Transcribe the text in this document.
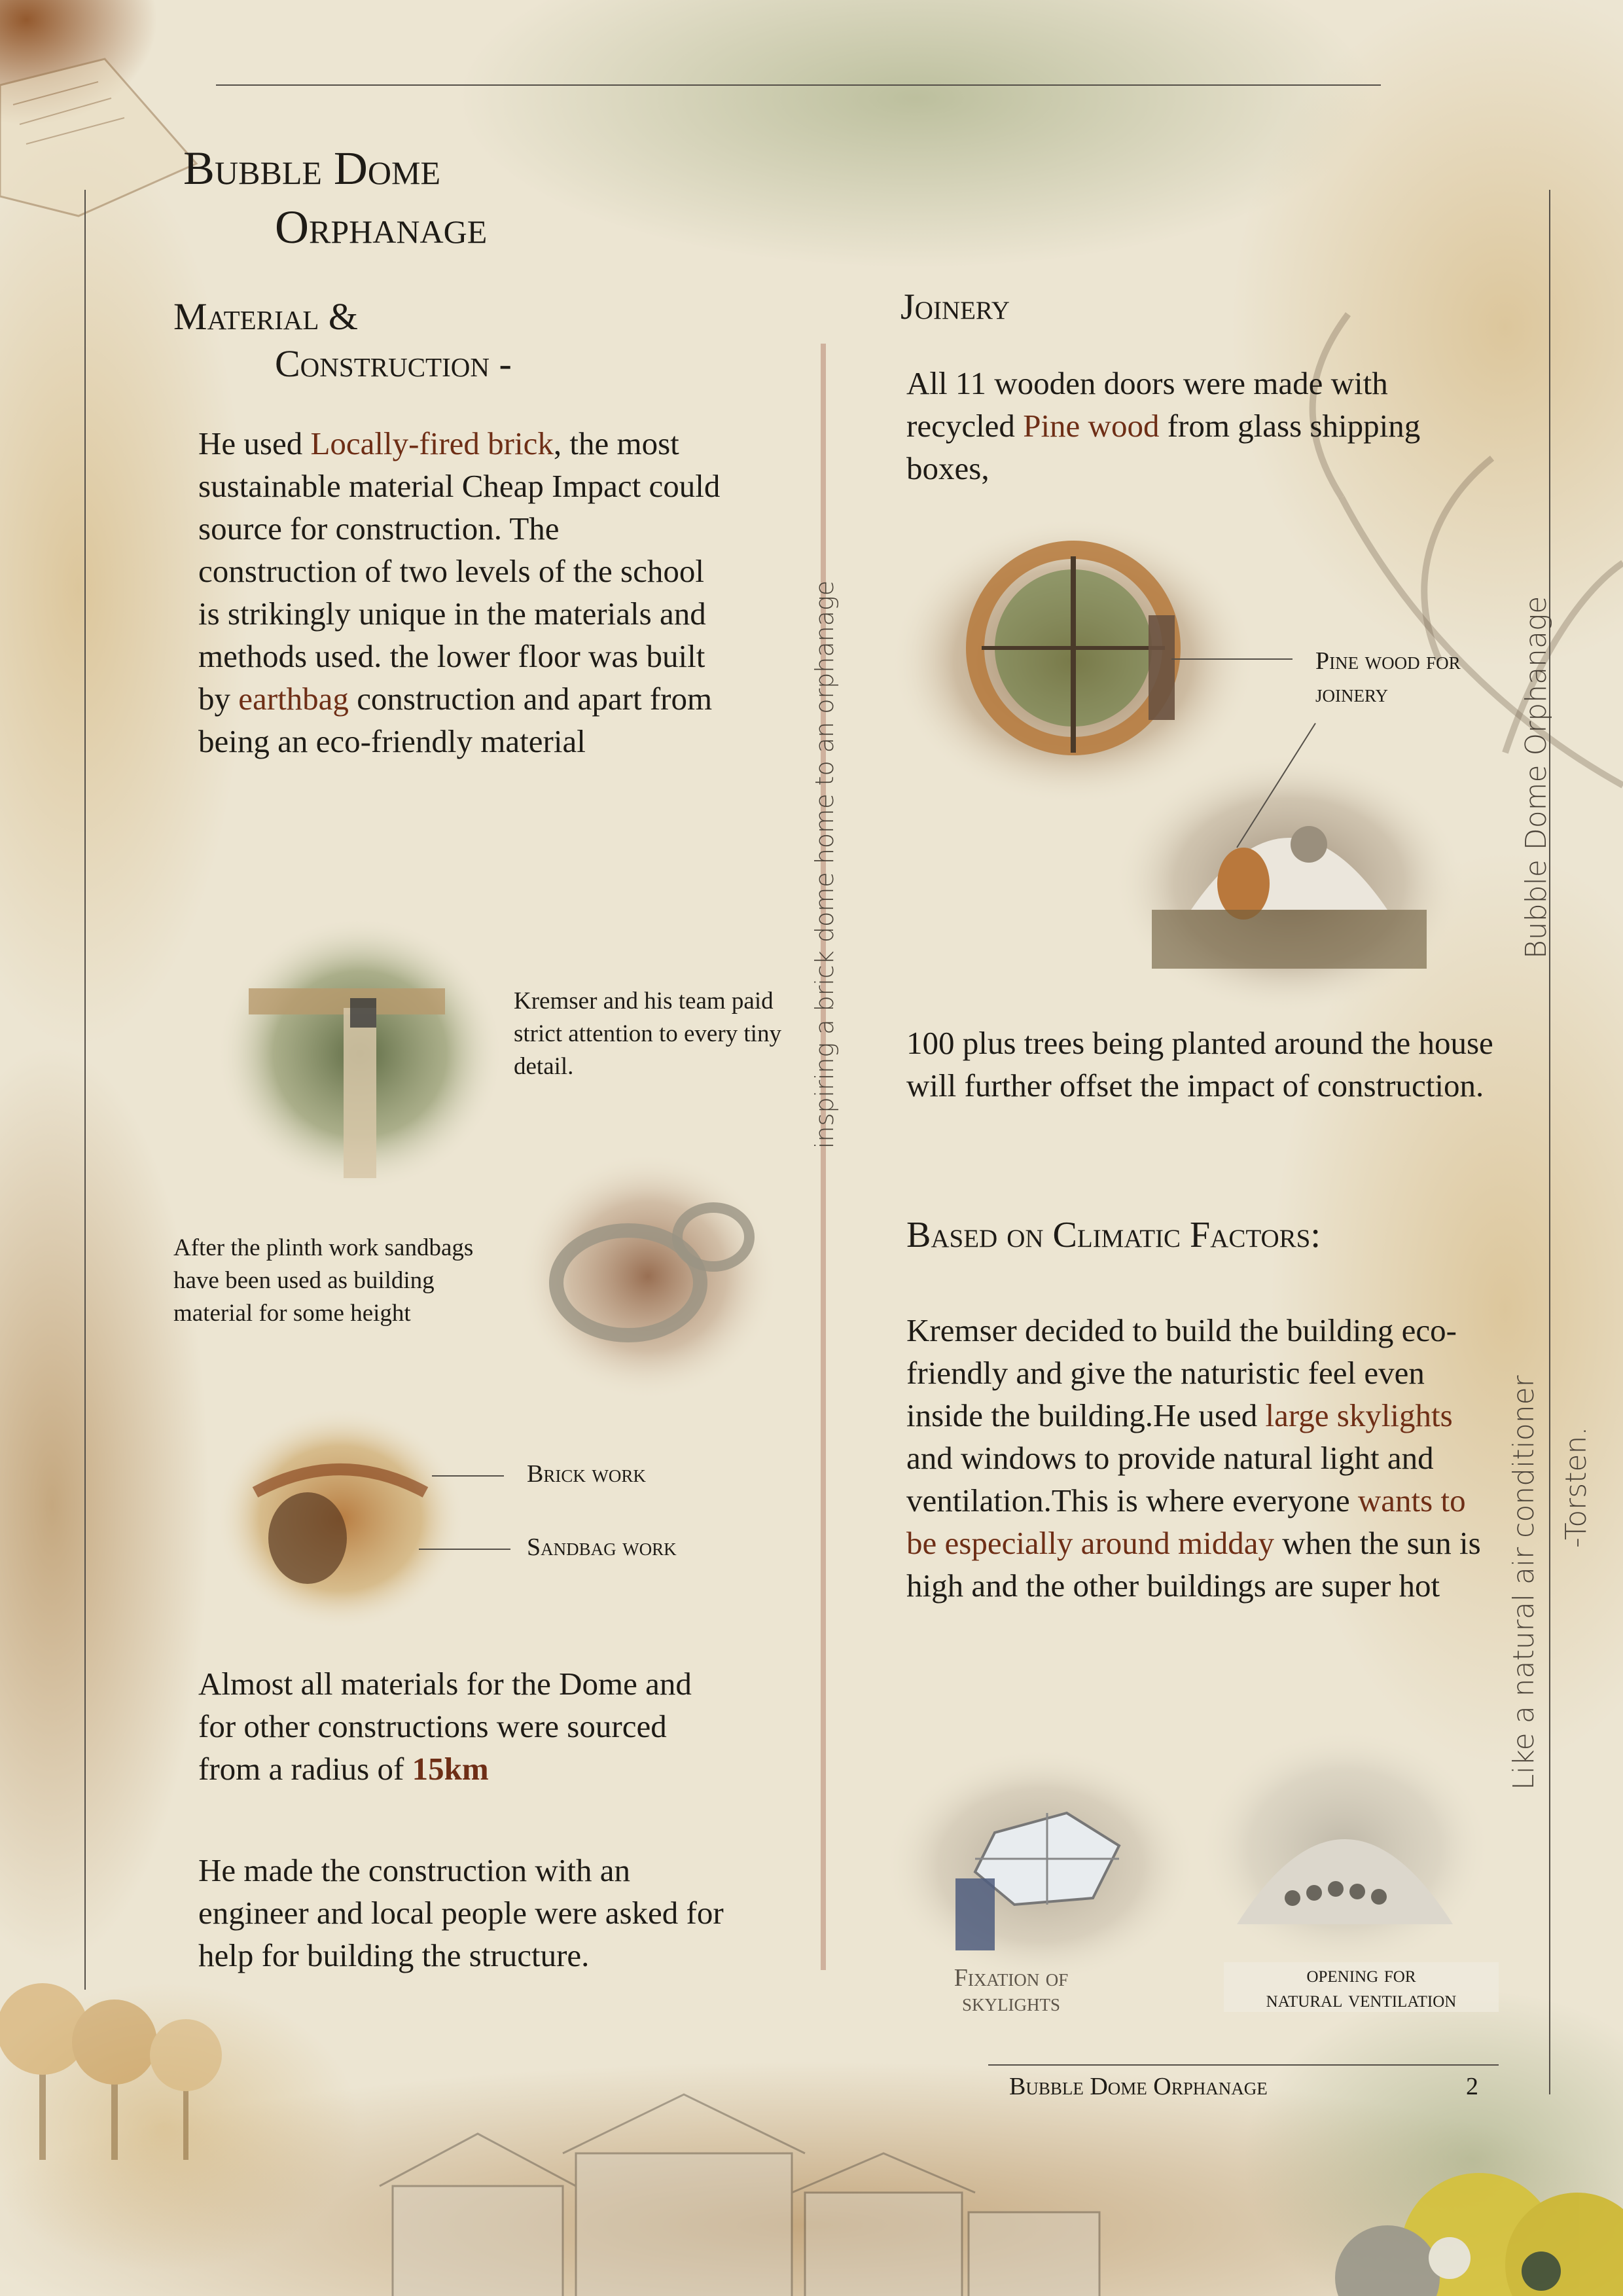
Bubble Dome
Orphanage
Material &
Construction -
He used Locally-fired brick, the most sustainable material Cheap Impact could source for construction. The construction of two levels of the school is strikingly unique in the materials and methods used. the lower floor was built by earthbag construction and apart from being an eco-friendly material
Kremser and his team paid strict attention to every tiny detail.
After the plinth work sandbags have been used as building material for some height
Brick work
Sandbag work
Almost all materials for the Dome and for other constructions were sourced from a radius of 15km
He made the construction with an engineer and local people were asked for help for building the structure.
inspiring a brick dome home to an orphanage
Joinery
All 11 wooden doors were made with recycled Pine wood from glass shipping boxes,
Pine wood for joinery
100 plus trees being planted around the house will further offset the impact of construction.
Based on Climatic Factors:
Kremser decided to build the building eco-friendly and give the naturistic feel even inside the building.He used large skylights and windows to provide natural light and ventilation.This is where everyone wants to be especially around midday when the sun is high and the other buildings are super hot
Fixation of
skylights
opening for
natural ventilation
Bubble Dome Orphanage
Like a natural air conditioner -Torsten.
Bubble Dome Orphanage	2
